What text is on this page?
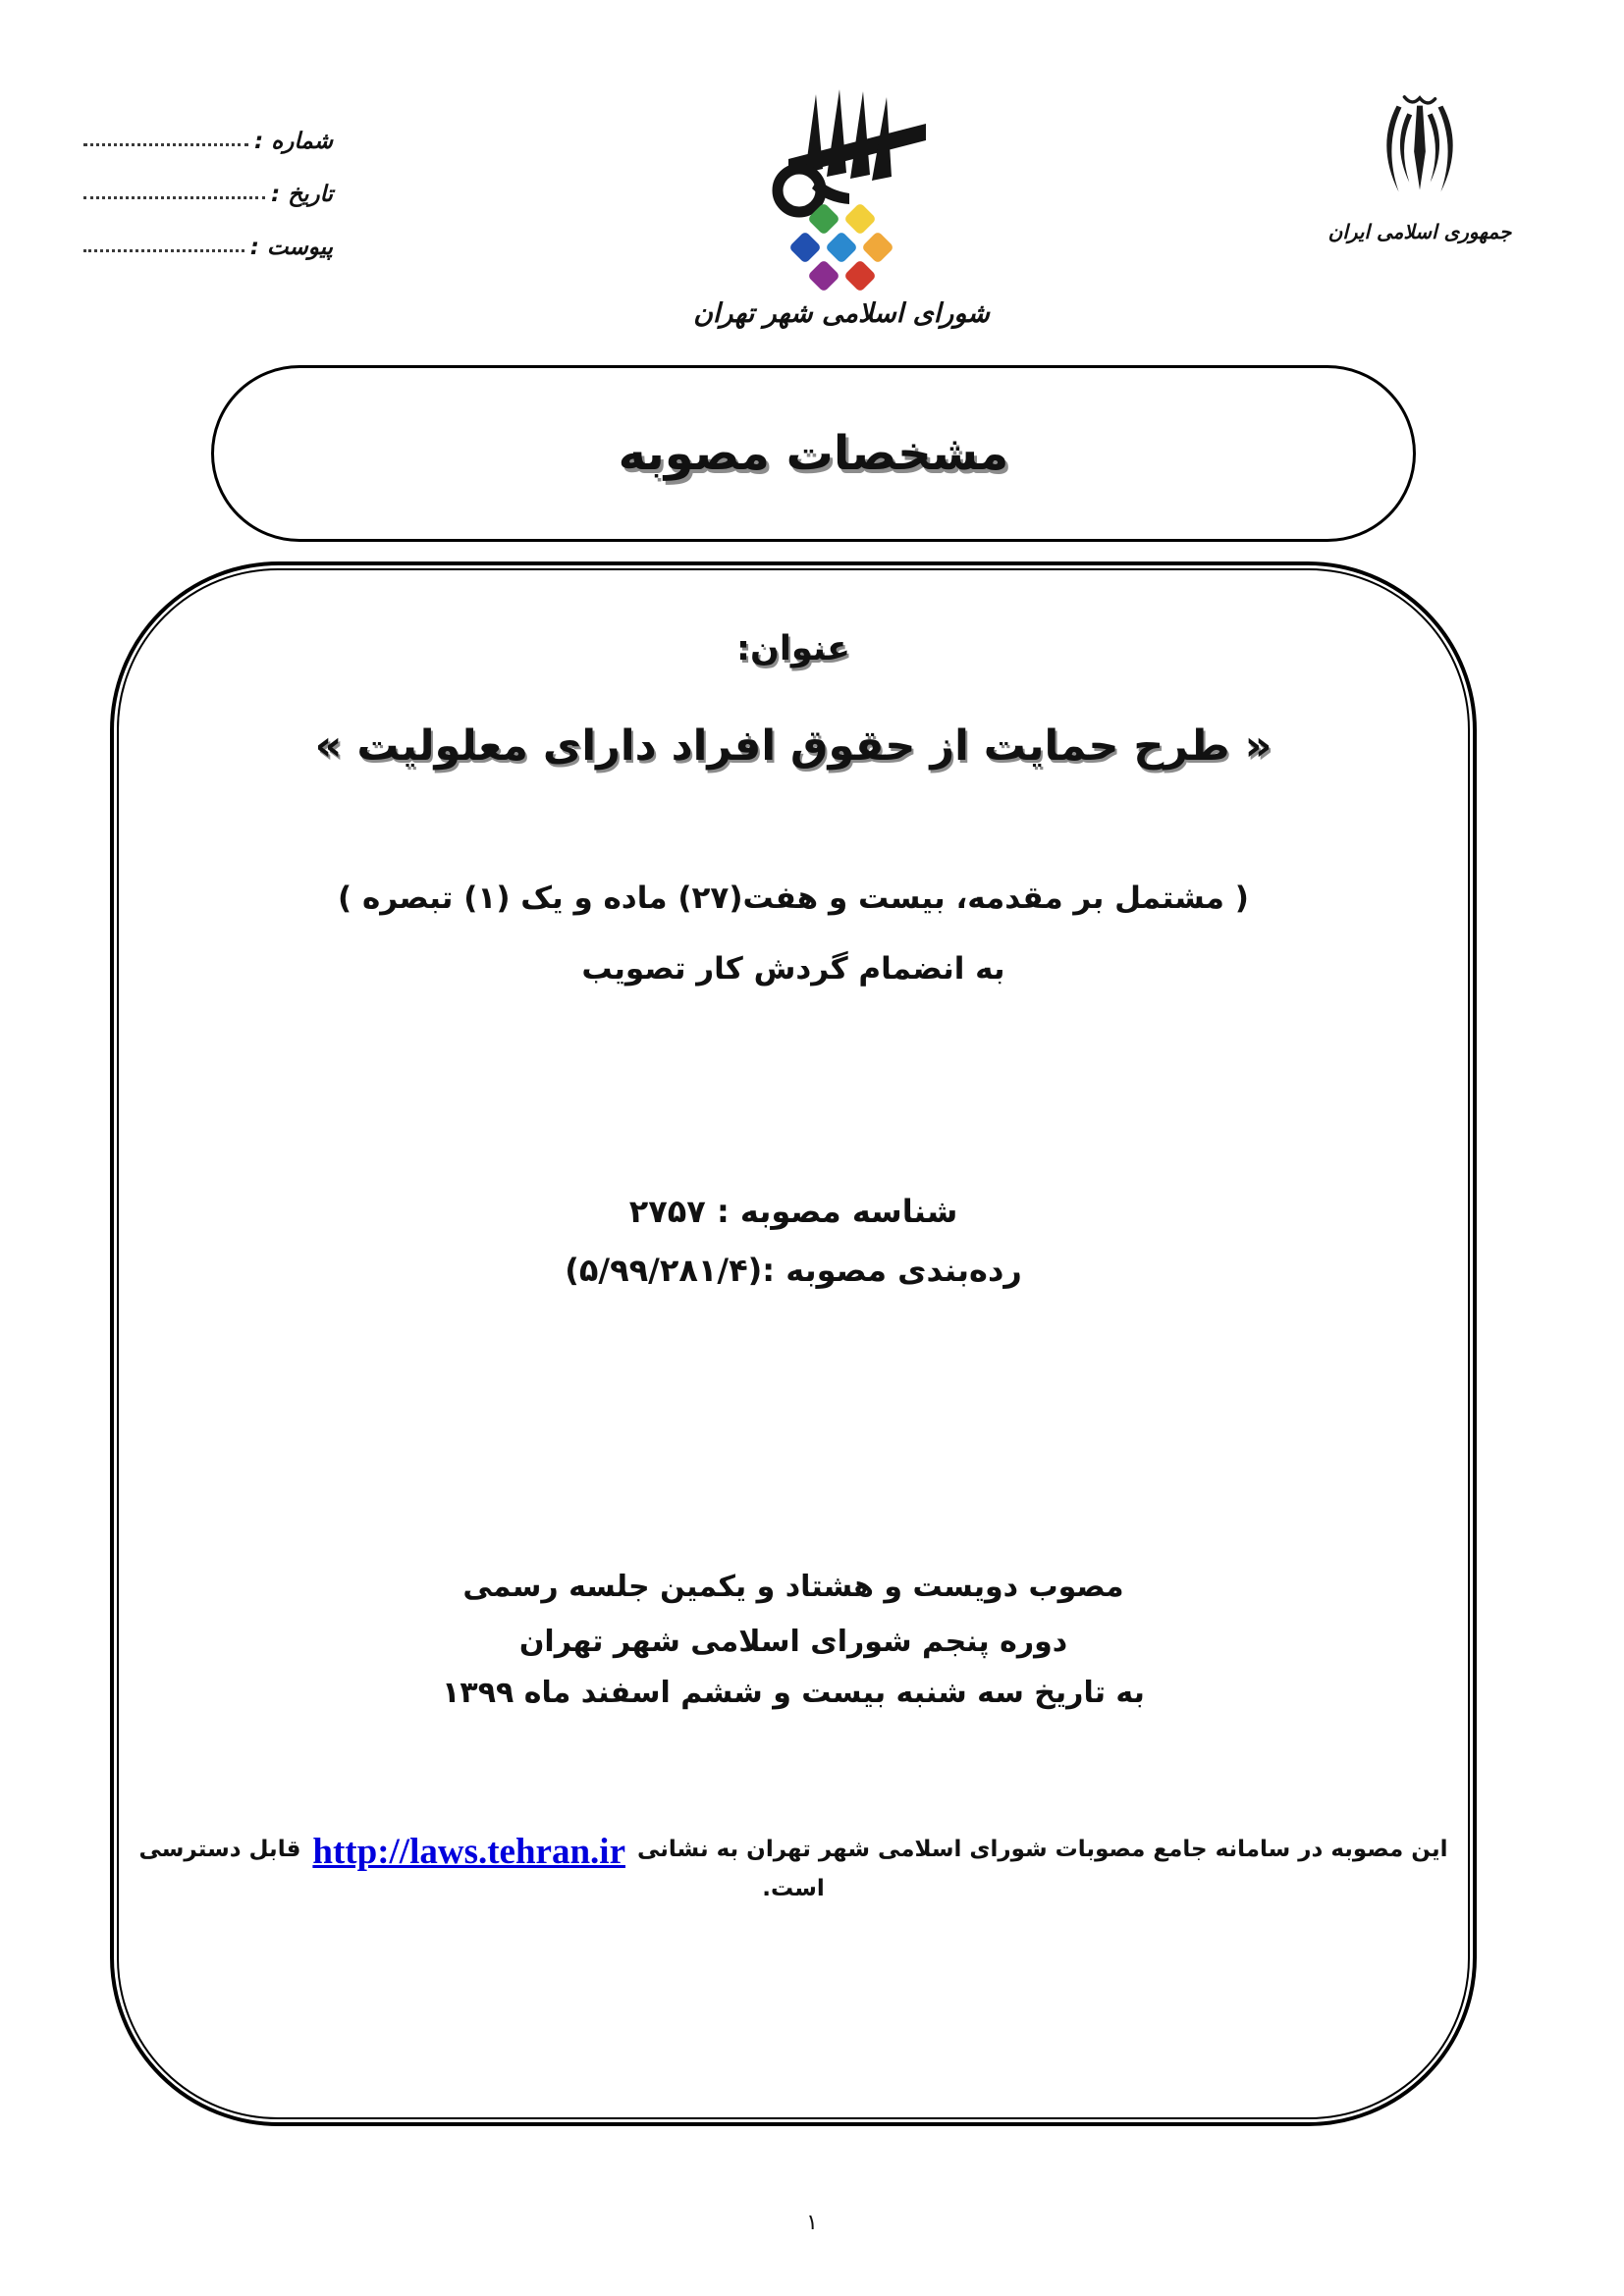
شماره :
تاریخ :
پیوست :
شورای اسلامی شهر تهران
جمهوری اسلامی ایران
مشخصات مصوبه
عنوان:
« طرح حمایت از حقوق افراد دارای معلولیت »
( مشتمل بر مقدمه، بیست و هفت(۲۷) ماده و یک (۱) تبصره )
به انضمام گردش کار تصویب
شناسه مصوبه : ۲۷۵۷
رده‌بندی مصوبه :(۵/۹۹/۲۸۱/۴)
مصوب دویست و هشتاد و یکمین جلسه رسمی
دوره پنجم شورای اسلامی شهر تهران
به تاریخ سه شنبه بیست و ششم اسفند ماه ۱۳۹۹
این مصوبه در سامانه جامع مصوبات شورای اسلامی شهر تهران به نشانیhttp://laws.tehran.irقابل دسترسی است.
۱
